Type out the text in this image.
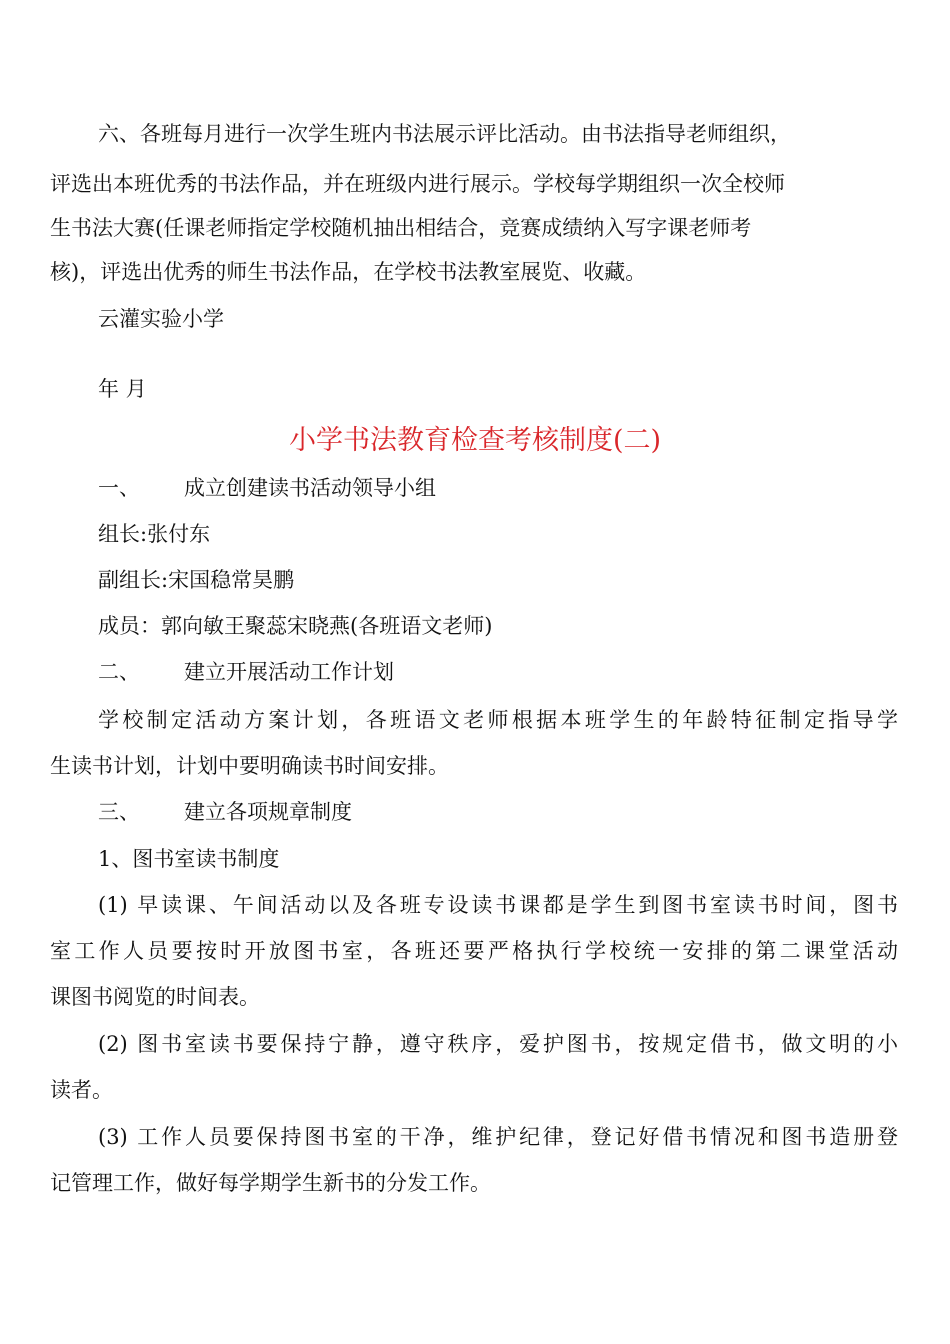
六、各班每月进行一次学生班内书法展示评比活动。由书法指导老师组织，
评选出本班优秀的书法作品，并在班级内进行展示。学校每学期组织一次全校师
生书法大赛(任课老师指定学校随机抽出相结合，竞赛成绩纳入写字课老师考
核)，评选出优秀的师生书法作品，在学校书法教室展览、收藏。
云灌实验小学
年 月
小学书法教育检查考核制度(二)
一、 成立创建读书活动领导小组
组长:张付东
副组长:宋国稳常昊鹏
成员：郭向敏王聚蕊宋晓燕(各班语文老师)
二、 建立开展活动工作计划
学校制定活动方案计划，各班语文老师根据本班学生的年龄特征制定指导学
生读书计划，计划中要明确读书时间安排。
三、 建立各项规章制度
1、图书室读书制度
(1) 早读课、午间活动以及各班专设读书课都是学生到图书室读书时间，图书
室工作人员要按时开放图书室，各班还要严格执行学校统一安排的第二课堂活动
课图书阅览的时间表。
(2) 图书室读书要保持宁静，遵守秩序，爱护图书，按规定借书，做文明的小
读者。
(3) 工作人员要保持图书室的干净，维护纪律，登记好借书情况和图书造册登
记管理工作，做好每学期学生新书的分发工作。
